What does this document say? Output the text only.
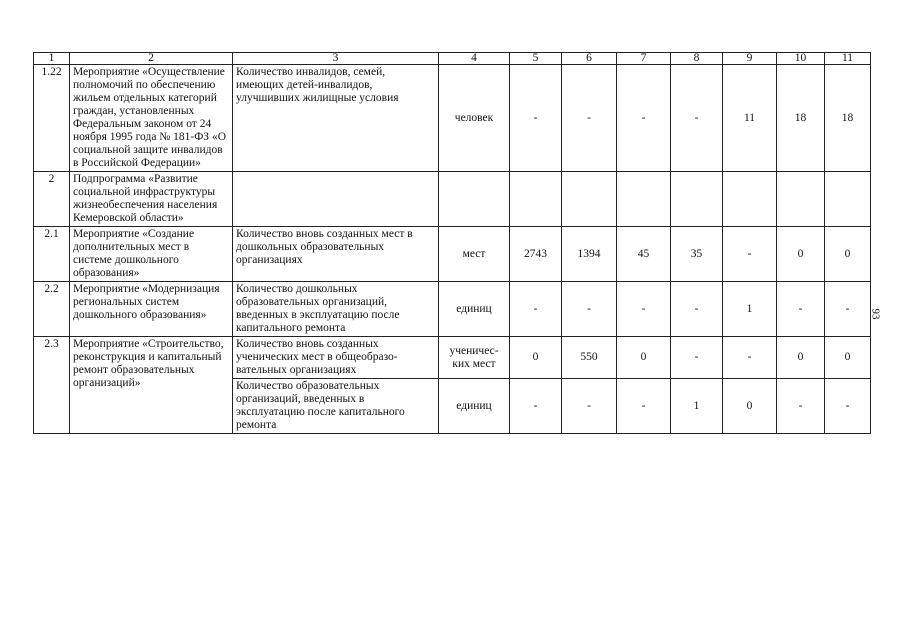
1	2	3	4	5	6	7	8	9	10	11
1.22	Мероприятие «Осуществление полномочий по обеспечению жильем отдельных категорий граждан, установленных Федеральным законом от 24 ноября 1995 года № 181-ФЗ «О социальной защите инвалидов в Российской Федерации»	Количество инвалидов, семей, имеющих детей-инвалидов, улучшивших жилищные условия	человек	-	-	-	-	11	18	18
2	Подпрограмма «Развитие социальной инфраструктуры жизнеобеспечения населения Кемеровской области»									
2.1	Мероприятие «Создание дополнительных мест в системе дошкольного образования»	Количество вновь созданных мест в дошкольных образовательных организациях	мест	2743	1394	45	35	-	0	0
2.2	Мероприятие «Модернизация региональных систем дошкольного образования»	Количество дошкольных образовательных организаций, введенных в эксплуатацию после капитального ремонта	единиц	-	-	-	-	1	-	-
2.3	Мероприятие «Строительство, реконструкция и капитальный ремонт образовательных организаций»	Количество вновь созданных ученических мест в общеобразо-вательных организациях	ученичес-ких мест	0	550	0	-	-	0	0
		Количество образовательных организаций, введенных в эксплуатацию после капитального ремонта	единиц	-	-	-	1	0	-	-
93
